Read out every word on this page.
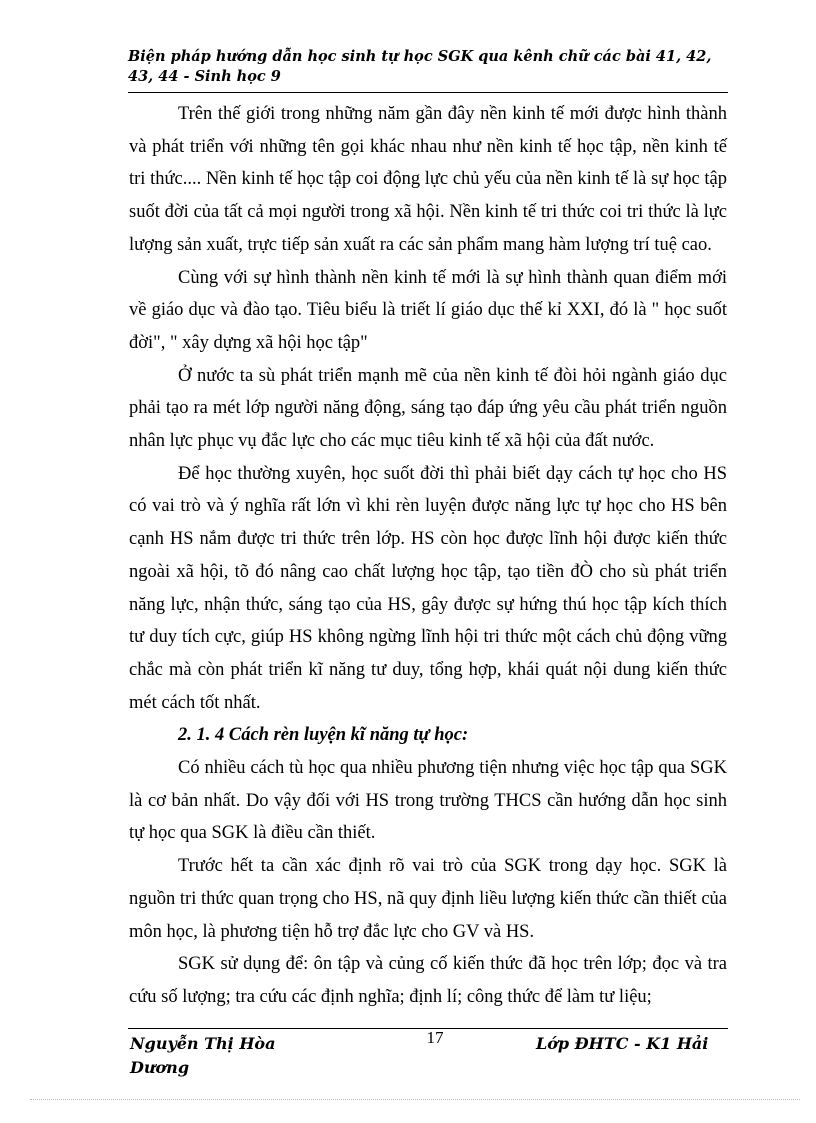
Biện pháp hướng dẫn học sinh tự học SGK qua kênh chữ các bài 41, 42, 43, 44 - Sinh học 9

Trên thế giới trong những năm gần đây nền kinh tế mới được hình thành và phát triển với những tên gọi khác nhau như nền kinh tế học tập, nền kinh tế tri thức.... Nền kinh tế học tập coi động lực chủ yếu của nền kinh tế là sự học tập suốt đời của tất cả mọi người trong xã hội. Nền kinh tế tri thức coi tri thức là lực lượng sản xuất, trực tiếp sản xuất ra các sản phẩm mang hàm lượng trí tuệ cao.

Cùng với sự hình thành nền kinh tế mới là sự hình thành quan điểm mới về giáo dục và đào tạo. Tiêu biểu là triết lí giáo dục thế kỉ XXI, đó là " học suốt đời", " xây dựng xã hội học tập"

Ở nước ta sù phát triển mạnh mẽ của nền kinh tế đòi hỏi ngành giáo dục phải tạo ra mét lớp người năng động, sáng tạo đáp ứng yêu cầu phát triển nguồn nhân lực phục vụ đắc lực cho các mục tiêu kinh tế xã hội của đất nước.

Để học thường xuyên, học suốt đời thì phải biết dạy cách tự học cho HS có vai trò và ý nghĩa rất lớn vì khi rèn luyện được năng lực tự học cho HS bên cạnh HS nắm được tri thức trên lớp. HS còn học được lĩnh hội được kiến thức ngoài xã hội, tõ đó nâng cao chất lượng học tập, tạo tiền đÒ cho sù phát triển năng lực, nhận thức, sáng tạo của HS, gây được sự hứng thú học tập kích thích tư duy tích cực, giúp HS không ngừng lĩnh hội tri thức một cách chủ động vững chắc mà còn phát triển kĩ năng tư duy, tổng hợp, khái quát nội dung kiến thức mét cách tốt nhất.

2. 1. 4 Cách rèn luyện kĩ năng tự học:

Có nhiều cách tù học qua nhiều phương tiện nhưng việc học tập qua SGK là cơ bản nhất. Do vậy đối với HS trong trường THCS cần hướng dẫn học sinh tự học qua SGK là điều cần thiết.

Trước hết ta cần xác định rõ vai trò của SGK trong dạy học. SGK là nguồn tri thức quan trọng cho HS, nã quy định liều lượng kiến thức cần thiết của môn học, là phương tiện hỗ trợ đắc lực cho GV và HS.

SGK sử dụng để: ôn tập và củng cố kiến thức đã học trên lớp; đọc và tra cứu số lượng; tra cứu các định nghĩa; định lí; công thức để làm tư liệu;

Nguyễn Thị Hòa Dương
17	Lớp ĐHTC - K1 Hải
